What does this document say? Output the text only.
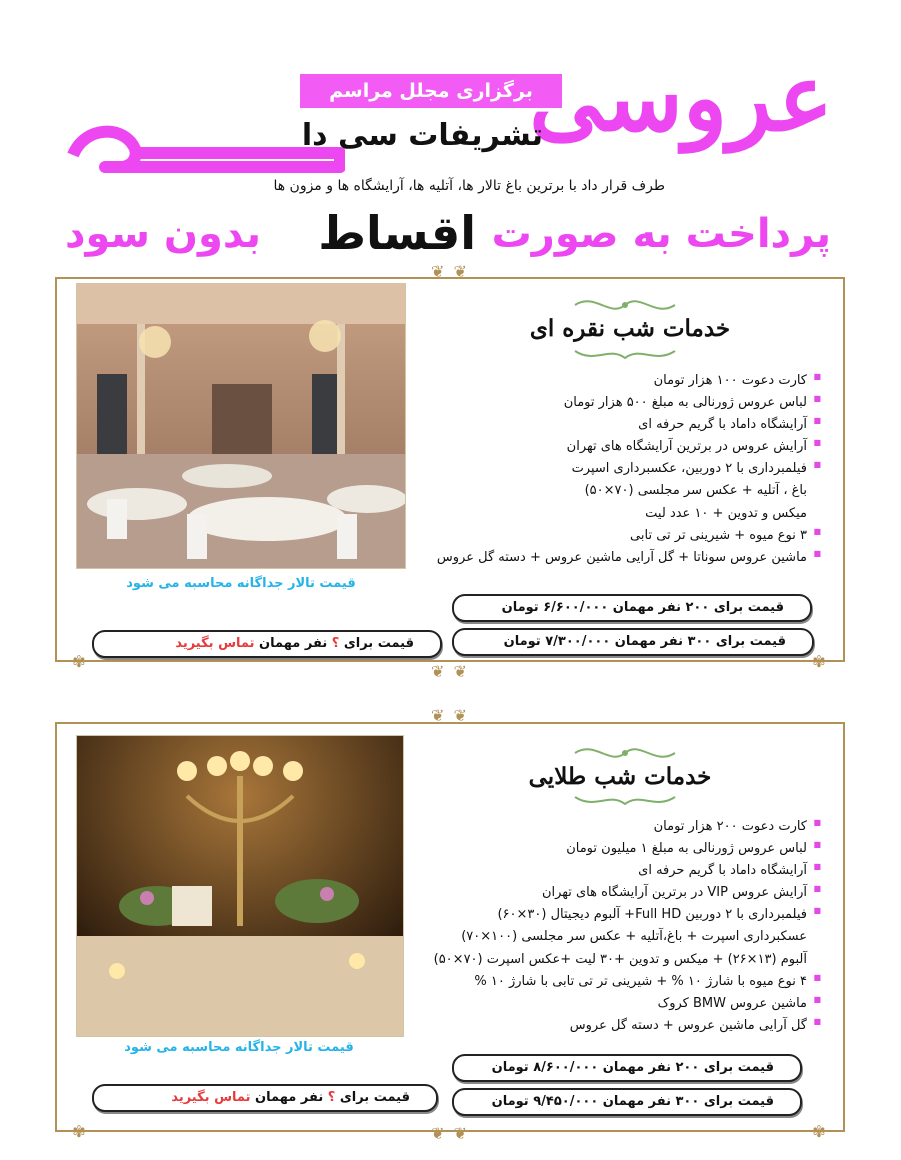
برگزاری مجلل مراسم
عروسی
تشریفات سی دا
طرف قرار داد با برترین باغ تالار ها، آتلیه ها، آرایشگاه ها و مزون ها
پرداخت به صورت
اقساط
بدون سود
❦ ❦
✾	✾
❦ ❦
قیمت تالار جداگانه محاسبه می شود
خدمات شب نقره ای
■ کارت دعوت ۱۰۰ هزار تومان
■ لباس عروس ژورنالی به مبلغ ۵۰۰ هزار تومان
■ آرایشگاه داماد با گریم حرفه ای
■ آرایش عروس در برترین آرایشگاه های تهران
■ فیلمبرداری با ۲ دوربین، عکسبرداری اسپرت
باغ ، آتلیه + عکس سر مجلسی (۷۰×۵۰)
میکس و تدوین + ۱۰ عدد لیت
■ ۳ نوع میوه + شیرینی تر تی تابی
■ ماشین عروس سوناتا + گل آرایی ماشین عروس + دسته گل عروس
قیمت برای ۲۰۰ نفر مهمان ۶/۶۰۰/۰۰۰ تومان
قیمت برای ۳۰۰ نفر مهمان ۷/۳۰۰/۰۰۰ تومان
قیمت برای ؟ نفر مهمان تماس بگیرید
❦ ❦
✾	✾
❦ ❦
قیمت تالار جداگانه محاسبه می شود
خدمات شب طلایی
■ کارت دعوت ۲۰۰ هزار تومان
■ لباس عروس ژورنالی به مبلغ ۱ میلیون تومان
■ آرایشگاه داماد با گریم حرفه ای
■ آرایش عروس VIP در برترین آرایشگاه های تهران
■ فیلمبرداری با ۲ دوربین Full HD+ آلبوم دیجیتال (۳۰×۶۰)
عسکبرداری اسپرت + باغ،آتلیه + عکس سر مجلسی (۱۰۰×۷۰)
آلبوم (۱۳×۲۶) + میکس و تدوین +۳۰ لیت +عکس اسپرت (۷۰×۵۰)
■ ۴ نوع میوه با شارژ ۱۰ % + شیرینی تر تی تابی با شارژ ۱۰ %
■ ماشین عروس BMW کروک
■ گل آرایی ماشین عروس + دسته گل عروس
قیمت برای ۲۰۰ نفر مهمان ۸/۶۰۰/۰۰۰ تومان
قیمت برای ۳۰۰ نفر مهمان ۹/۴۵۰/۰۰۰ تومان
قیمت برای ؟ نفر مهمان تماس بگیرید
